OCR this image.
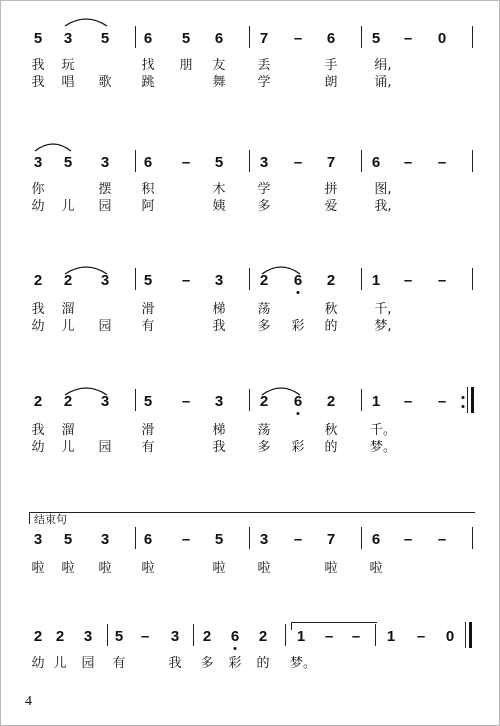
5 3 5 6 5 6 7 – 6 5 – 0
我 玩	找 朋 友 丢	手	绢,
我 唱 歌 跳	舞 学	朗	诵,
3 5 3 6 – 5 3 – 7 6 – –
你	摆 积	木 学	拼	图,
幼 儿 园 阿	姨 多	爱	我,
2 2 3 5 – 3 2 6 2 1 – –
我 溜	滑	梯 荡	秋	千,
幼 儿 园 有	我 多 彩 的	梦,
2 2 3 5 – 3 2 6 2 1 – –
我 溜	滑	梯 荡	秋 千。
幼 儿 园 有	我 多 彩 的 梦。
结束句
3 5 3 6 – 5 3 – 7 6 – –
啦 啦 啦 啦	啦 啦	啦 啦
2 2 3 5 – 3 2 6 2 1 – – 1 – 0
幼 儿 园 有	我 多 彩 的 梦。
4
